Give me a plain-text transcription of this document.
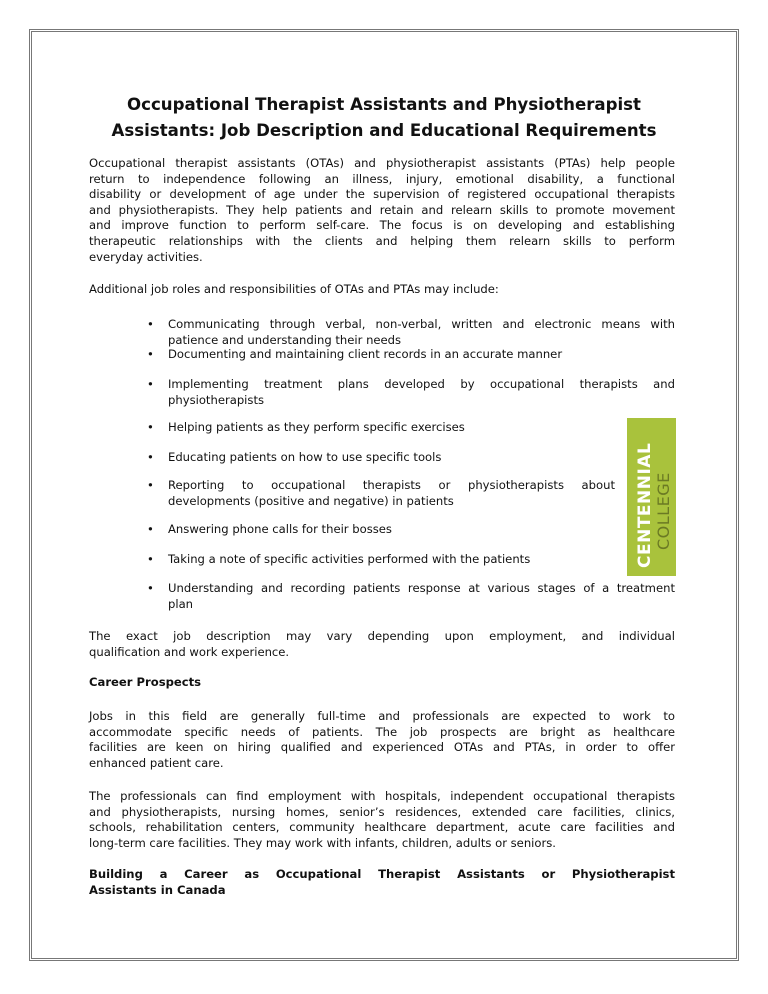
Occupational Therapist Assistants and Physiotherapist
Assistants: Job Description and Educational Requirements
Occupational therapist assistants (OTAs) and physiotherapist assistants (PTAs) help people
return to independence following an illness, injury, emotional disability, a functional
disability or development of age under the supervision of registered occupational therapists
and physiotherapists. They help patients and retain and relearn skills to promote movement
and improve function to perform self-care. The focus is on developing and establishing
therapeutic relationships with the clients and helping them relearn skills to perform
everyday activities.
Additional job roles and responsibilities of OTAs and PTAs may include:
• Communicating through verbal, non-verbal, written and electronic means with
patience and understanding their needs
• Documenting and maintaining client records in an accurate manner
• Implementing treatment plans developed by occupational therapists and
physiotherapists
• Helping patients as they perform specific exercises
• Educating patients on how to use specific tools
• Reporting to occupational therapists or physiotherapists about
developments (positive and negative) in patients
• Answering phone calls for their bosses
• Taking a note of specific activities performed with the patients
• Understanding and recording patients response at various stages of a treatment
plan
CENTENNIAL COLLEGE
The exact job description may vary depending upon employment, and individual
qualification and work experience.
Career Prospects
Jobs in this field are generally full-time and professionals are expected to work to
accommodate specific needs of patients. The job prospects are bright as healthcare
facilities are keen on hiring qualified and experienced OTAs and PTAs, in order to offer
enhanced patient care.
The professionals can find employment with hospitals, independent occupational therapists
and physiotherapists, nursing homes, senior’s residences, extended care facilities, clinics,
schools, rehabilitation centers, community healthcare department, acute care facilities and
long-term care facilities. They may work with infants, children, adults or seniors.
Building a Career as Occupational Therapist Assistants or Physiotherapist
Assistants in Canada
